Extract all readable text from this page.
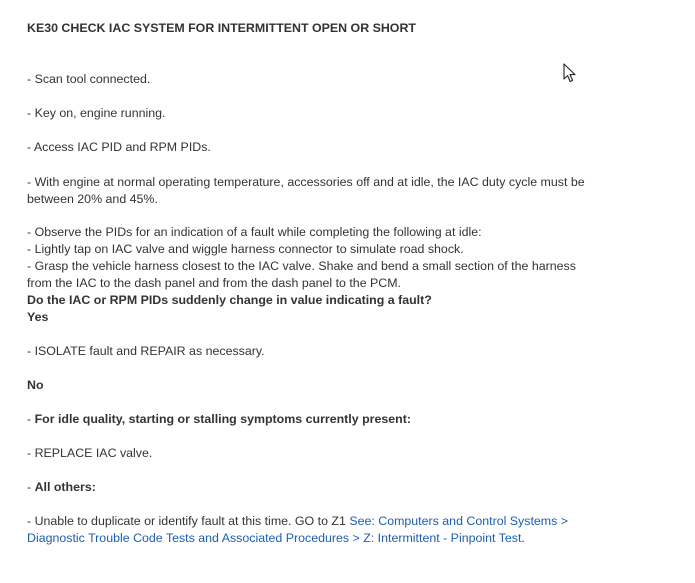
KE30 CHECK IAC SYSTEM FOR INTERMITTENT OPEN OR SHORT
- Scan tool connected.
- Key on, engine running.
- Access IAC PID and RPM PIDs.
- With engine at normal operating temperature, accessories off and at idle, the IAC duty cycle must be
between 20% and 45%.
- Observe the PIDs for an indication of a fault while completing the following at idle:
- Lightly tap on IAC valve and wiggle harness connector to simulate road shock.
- Grasp the vehicle harness closest to the IAC valve. Shake and bend a small section of the harness
from the IAC to the dash panel and from the dash panel to the PCM.
Do the IAC or RPM PIDs suddenly change in value indicating a fault?
Yes
- ISOLATE fault and REPAIR as necessary.
No
- For idle quality, starting or stalling symptoms currently present:
- REPLACE IAC valve.
- All others:
- Unable to duplicate or identify fault at this time. GO to Z1 See: Computers and Control Systems >
Diagnostic Trouble Code Tests and Associated Procedures > Z: Intermittent - Pinpoint Test.
